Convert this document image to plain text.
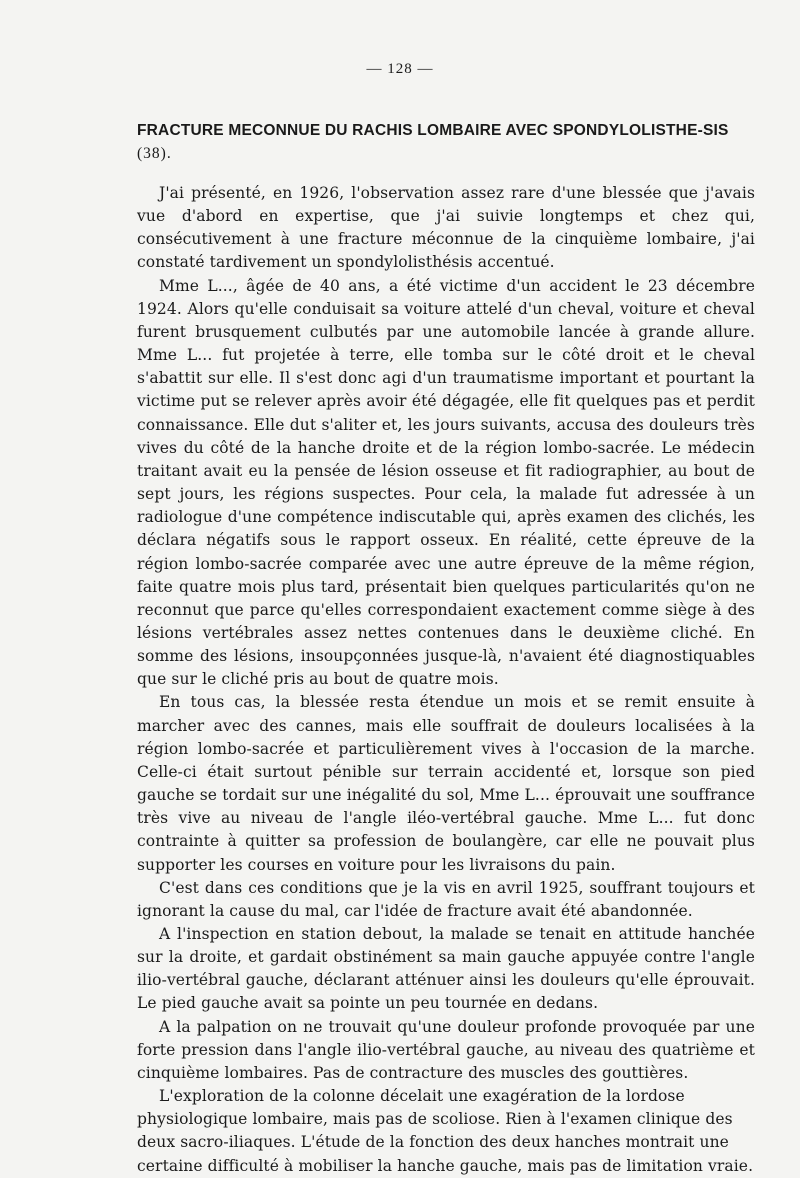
— 128 —
FRACTURE MECONNUE DU RACHIS LOMBAIRE AVEC SPONDYLOLISTHE-SIS (38).

J'ai présenté, en 1926, l'observation assez rare d'une blessée que j'avais vue d'abord en expertise, que j'ai suivie longtemps et chez qui, consécutivement à une fracture méconnue de la cinquième lombaire, j'ai constaté tardivement un spondylolisthésis accentué.

Mme L..., âgée de 40 ans, a été victime d'un accident le 23 décembre 1924. Alors qu'elle conduisait sa voiture attelé d'un cheval, voiture et cheval furent brusquement culbutés par une automobile lancée à grande allure. Mme L... fut projetée à terre, elle tomba sur le côté droit et le cheval s'abattit sur elle. Il s'est donc agi d'un traumatisme important et pourtant la victime put se relever après avoir été dégagée, elle fit quelques pas et perdit connaissance. Elle dut s'aliter et, les jours suivants, accusa des douleurs très vives du côté de la hanche droite et de la région lombo-sacrée. Le médecin traitant avait eu la pensée de lésion osseuse et fit radiographier, au bout de sept jours, les régions suspectes. Pour cela, la malade fut adressée à un radiologue d'une compétence indiscutable qui, après examen des clichés, les déclara négatifs sous le rapport osseux. En réalité, cette épreuve de la région lombo-sacrée comparée avec une autre épreuve de la même région, faite quatre mois plus tard, présentait bien quelques particularités qu'on ne reconnut que parce qu'elles correspondaient exactement comme siège à des lésions vertébrales assez nettes contenues dans le deuxième cliché. En somme des lésions, insoupçonnées jusque-là, n'avaient été diagnostiquables que sur le cliché pris au bout de quatre mois.

En tous cas, la blessée resta étendue un mois et se remit ensuite à marcher avec des cannes, mais elle souffrait de douleurs localisées à la région lombo-sacrée et particulièrement vives à l'occasion de la marche. Celle-ci était surtout pénible sur terrain accidenté et, lorsque son pied gauche se tordait sur une inégalité du sol, Mme L... éprouvait une souffrance très vive au niveau de l'angle iléo-vertébral gauche. Mme L... fut donc contrainte à quitter sa profession de boulangère, car elle ne pouvait plus supporter les courses en voiture pour les livraisons du pain.

C'est dans ces conditions que je la vis en avril 1925, souffrant toujours et ignorant la cause du mal, car l'idée de fracture avait été abandonnée.

A l'inspection en station debout, la malade se tenait en attitude hanchée sur la droite, et gardait obstinément sa main gauche appuyée contre l'angle ilio-vertébral gauche, déclarant atténuer ainsi les douleurs qu'elle éprouvait. Le pied gauche avait sa pointe un peu tournée en dedans.

A la palpation on ne trouvait qu'une douleur profonde provoquée par une forte pression dans l'angle ilio-vertébral gauche, au niveau des quatrième et cinquième lombaires. Pas de contracture des muscles des gouttières.

L'exploration de la colonne décelait une exagération de la lordose physiologique lombaire, mais pas de scoliose. Rien à l'examen clinique des deux sacro-iliaques. L'étude de la fonction des deux hanches montrait une certaine difficulté à mobiliser la hanche gauche, mais pas de limitation vraie.
